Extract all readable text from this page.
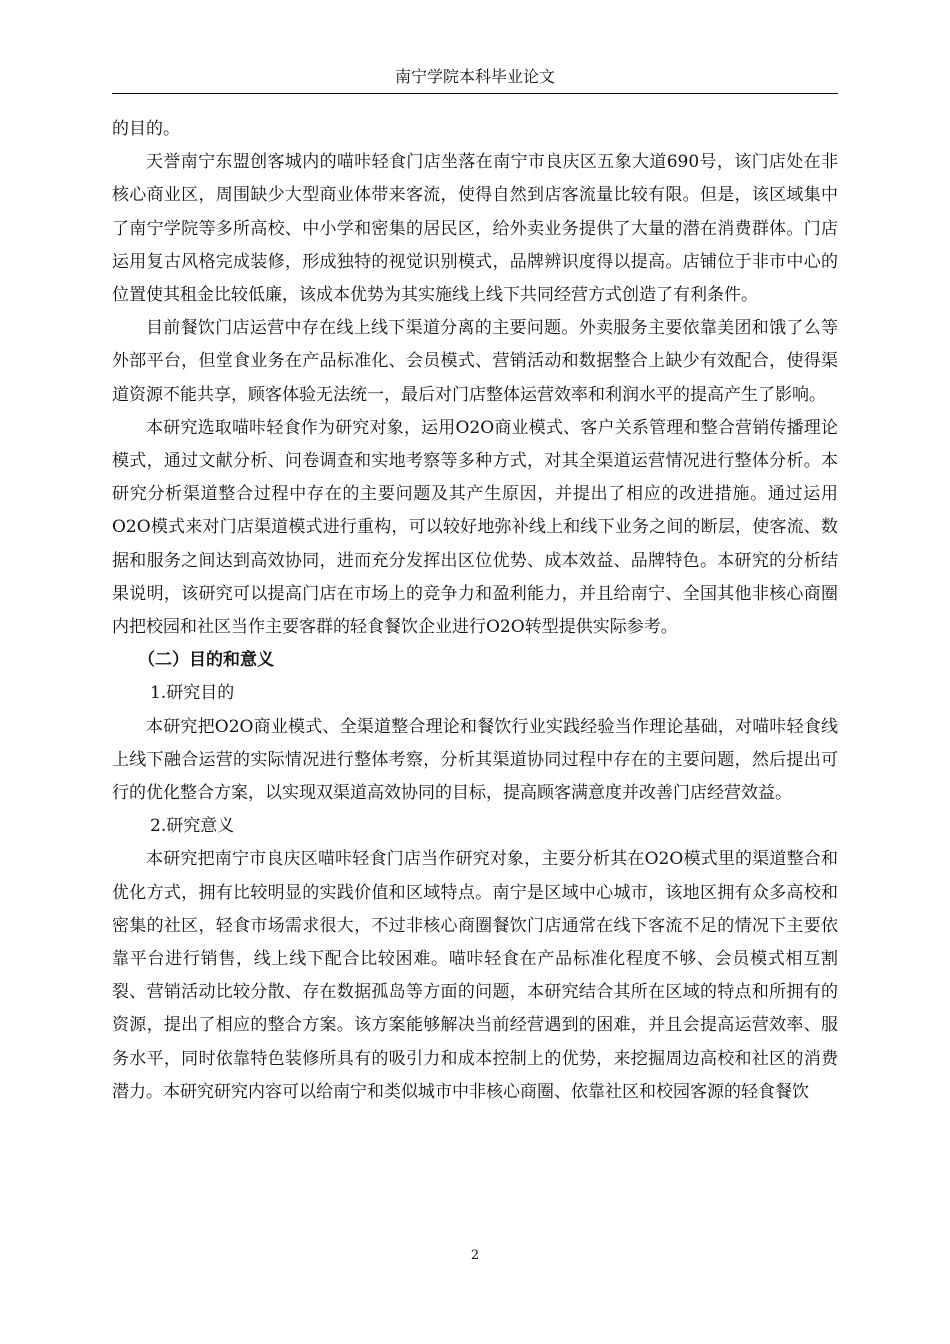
南宁学院本科毕业论文

的目的。

天誉南宁东盟创客城内的喵咔轻食门店坐落在南宁市良庆区五象大道690号，该门店处在非核心商业区，周围缺少大型商业体带来客流，使得自然到店客流量比较有限。但是，该区域集中了南宁学院等多所高校、中小学和密集的居民区，给外卖业务提供了大量的潜在消费群体。门店运用复古风格完成装修，形成独特的视觉识别模式，品牌辨识度得以提高。店铺位于非市中心的位置使其租金比较低廉，该成本优势为其实施线上线下共同经营方式创造了有利条件。

目前餐饮门店运营中存在线上线下渠道分离的主要问题。外卖服务主要依靠美团和饿了么等外部平台，但堂食业务在产品标准化、会员模式、营销活动和数据整合上缺少有效配合，使得渠道资源不能共享，顾客体验无法统一，最后对门店整体运营效率和利润水平的提高产生了影响。

本研究选取喵咔轻食作为研究对象，运用O2O商业模式、客户关系管理和整合营销传播理论模式，通过文献分析、问卷调查和实地考察等多种方式，对其全渠道运营情况进行整体分析。本研究分析渠道整合过程中存在的主要问题及其产生原因，并提出了相应的改进措施。通过运用O2O模式来对门店渠道模式进行重构，可以较好地弥补线上和线下业务之间的断层，使客流、数据和服务之间达到高效协同，进而充分发挥出区位优势、成本效益、品牌特色。本研究的分析结果说明，该研究可以提高门店在市场上的竞争力和盈利能力，并且给南宁、全国其他非核心商圈内把校园和社区当作主要客群的轻食餐饮企业进行O2O转型提供实际参考。

（二）目的和意义

1.研究目的

本研究把O2O商业模式、全渠道整合理论和餐饮行业实践经验当作理论基础，对喵咔轻食线上线下融合运营的实际情况进行整体考察，分析其渠道协同过程中存在的主要问题，然后提出可行的优化整合方案，以实现双渠道高效协同的目标，提高顾客满意度并改善门店经营效益。

2.研究意义

本研究把南宁市良庆区喵咔轻食门店当作研究对象，主要分析其在O2O模式里的渠道整合和优化方式，拥有比较明显的实践价值和区域特点。南宁是区域中心城市，该地区拥有众多高校和密集的社区，轻食市场需求很大，不过非核心商圈餐饮门店通常在线下客流不足的情况下主要依靠平台进行销售，线上线下配合比较困难。喵咔轻食在产品标准化程度不够、会员模式相互割裂、营销活动比较分散、存在数据孤岛等方面的问题，本研究结合其所在区域的特点和所拥有的资源，提出了相应的整合方案。该方案能够解决当前经营遇到的困难，并且会提高运营效率、服务水平，同时依靠特色装修所具有的吸引力和成本控制上的优势，来挖掘周边高校和社区的消费潜力。本研究研究内容可以给南宁和类似城市中非核心商圈、依靠社区和校园客源的轻食餐饮

2
